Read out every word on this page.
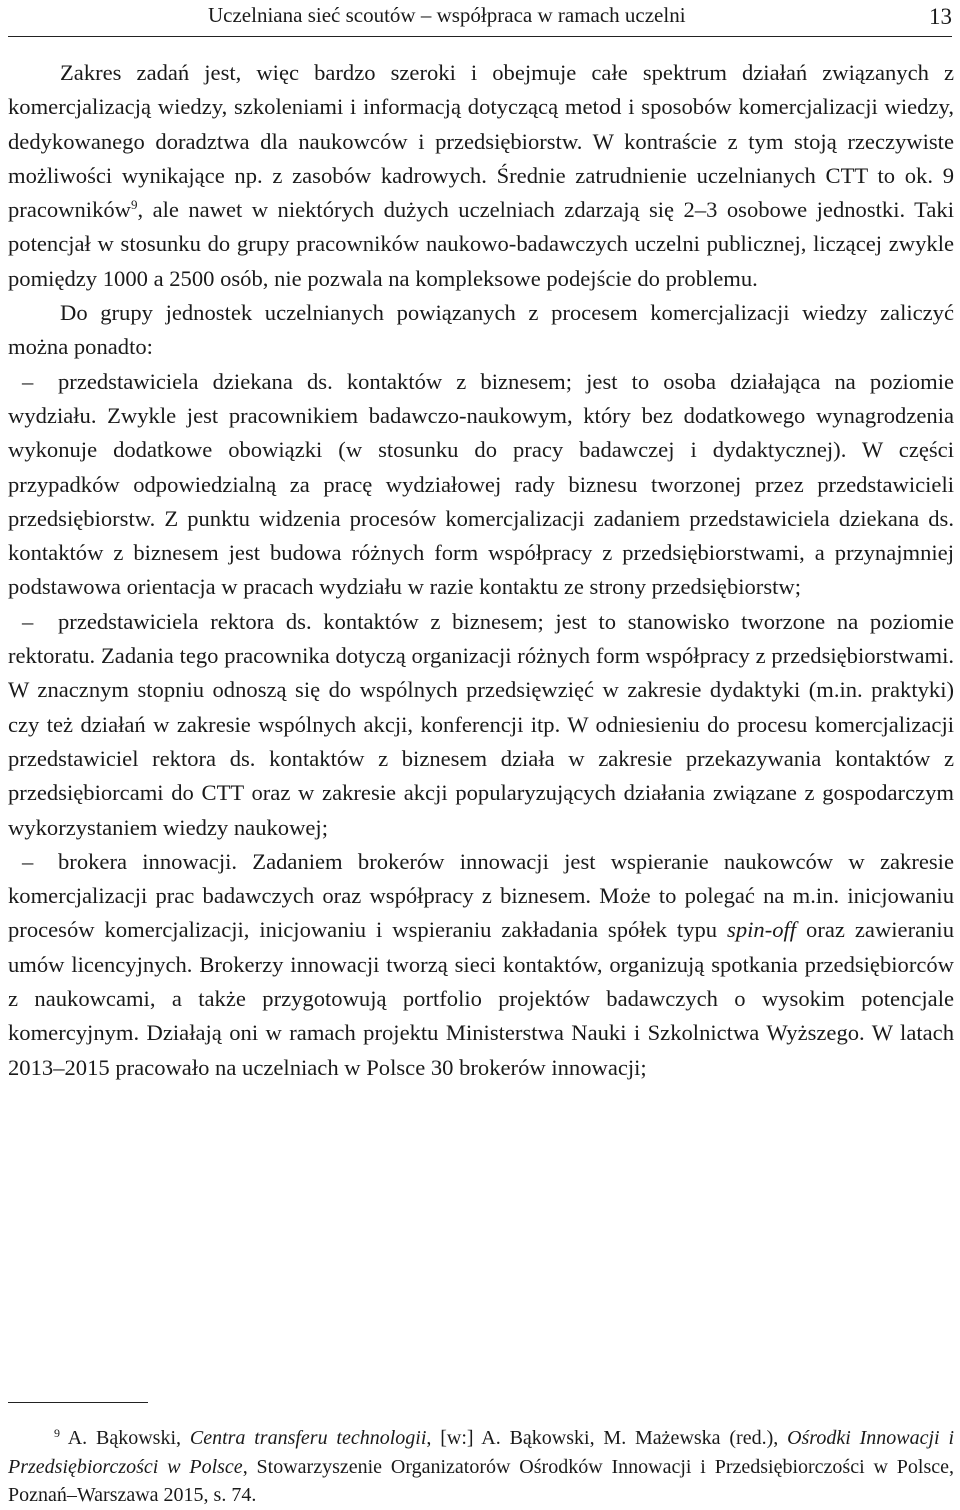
Uczelniana sieć scoutów – współpraca w ramach uczelni	13

Zakres zadań jest, więc bardzo szeroki i obejmuje całe spektrum działań związanych z komercjalizacją wiedzy, szkoleniami i informacją dotyczącą metod i sposobów komercjalizacji wiedzy, dedykowanego doradztwa dla naukowców i przedsiębiorstw. W kontraście z tym stoją rzeczywiste możliwości wynikające np. z zasobów kadrowych. Średnie zatrudnienie uczelnianych CTT to ok. 9 pracowników$^9$, ale nawet w niektórych dużych uczelniach zdarzają się 2–3 osobowe jednostki. Taki potencjał w stosunku do grupy pracowników naukowo-badawczych uczelni publicznej, liczącej zwykle pomiędzy 1000 a 2500 osób, nie pozwala na kompleksowe podejście do problemu.

Do grupy jednostek uczelnianych powiązanych z procesem komercjalizacji wiedzy zaliczyć można ponadto:

– przedstawiciela dziekana ds. kontaktów z biznesem; jest to osoba działająca na poziomie wydziału. Zwykle jest pracownikiem badawczo-naukowym, który bez dodatkowego wynagrodzenia wykonuje dodatkowe obowiązki (w stosunku do pracy badawczej i dydaktycznej). W części przypadków odpowiedzialną za pracę wydziałowej rady biznesu tworzonej przez przedstawicieli przedsiębiorstw. Z punktu widzenia procesów komercjalizacji zadaniem przedstawiciela dziekana ds. kontaktów z biznesem jest budowa różnych form współpracy z przedsiębiorstwami, a przynajmniej podstawowa orientacja w pracach wydziału w razie kontaktu ze strony przedsiębiorstw;

– przedstawiciela rektora ds. kontaktów z biznesem; jest to stanowisko tworzone na poziomie rektoratu. Zadania tego pracownika dotyczą organizacji różnych form współpracy z przedsiębiorstwami. W znacznym stopniu odnoszą się do wspólnych przedsięwzięć w zakresie dydaktyki (m.in. praktyki) czy też działań w zakresie wspólnych akcji, konferencji itp. W odniesieniu do procesu komercjalizacji przedstawiciel rektora ds. kontaktów z biznesem działa w zakresie przekazywania kontaktów z przedsiębiorcami do CTT oraz w zakresie akcji popularyzujących działania związane z gospodarczym wykorzystaniem wiedzy naukowej;

– brokera innowacji. Zadaniem brokerów innowacji jest wspieranie naukowców w zakresie komercjalizacji prac badawczych oraz współpracy z biznesem. Może to polegać na m.in. inicjowaniu procesów komercjalizacji, inicjowaniu i wspieraniu zakładania spółek typu spin-off oraz zawieraniu umów licencyjnych. Brokerzy innowacji tworzą sieci kontaktów, organizują spotkania przedsiębiorców z naukowcami, a także przygotowują portfolio projektów badawczych o wysokim potencjale komercyjnym. Działają oni w ramach projektu Ministerstwa Nauki i Szkolnictwa Wyższego. W latach 2013–2015 pracowało na uczelniach w Polsce 30 brokerów innowacji;

$^9$ A. Bąkowski, Centra transferu technologii, [w:] A. Bąkowski, M. Mażewska (red.), Ośrodki Innowacji i Przedsiębiorczości w Polsce, Stowarzyszenie Organizatorów Ośrodków Innowacji i Przedsiębiorczości w Polsce, Poznań–Warszawa 2015, s. 74.
